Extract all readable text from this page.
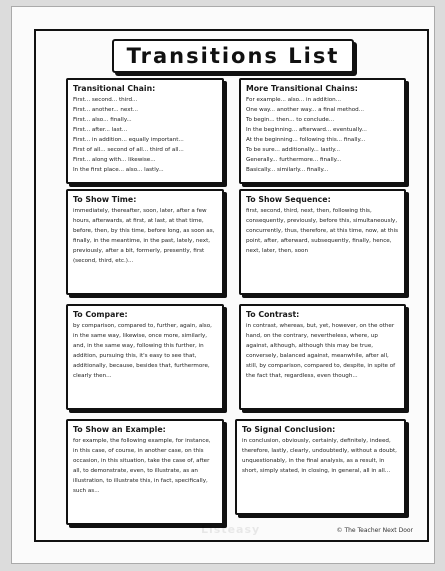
Transitions List
Transitional Chain:
First... second... third...
First... another... next...
First... also... finally...
First... after... last...
First... in addition... equally important...
First of all... second of all... third of all...
First... along with... likewise...
In the first place... also... lastly...
More Transitional Chains:
For example... also... in addition...
One way... another way... a final method...
To begin... then... to conclude...
In the beginning... afterward... eventually...
At the beginning... following this... finally...
To be sure... additionally... lastly...
Generally... furthermore... finally...
Basically... similarly... finally...
To Show Time:

immediately, thereafter, soon, later, after a few hours, afterwards, at first, at last, at that time, before, then, by this time, before long, as soon as, finally, in the meantime, in the past, lately, next, previously, after a bit, formerly, presently, first (second, third, etc.)...

To Show Sequence:

first, second, third, next, then, following this, consequently, previously, before this, simultaneously, concurrently, thus, therefore, at this time, now, at this point, after, afterward, subsequently, finally, hence, next, later, then, soon

To Compare:

by comparison, compared to, further, again, also, in the same way, likewise, once more, similarly, and, in the same way, following this further, in addition, pursuing this, it's easy to see that, additionally, because, besides that, furthermore, clearly then...

To Contrast:

in contrast, whereas, but, yet, however, on the other hand, on the contrary, nevertheless, where, up against, although, although this may be true, conversely, balanced against, meanwhile, after all, still, by comparison, compared to, despite, in spite of the fact that, regardless, even though...

To Show an Example:

for example, the following example, for instance, in this case, of course, in another case, on this occasion, in this situation, take the case of, after all, to demonstrate, even, to illustrate, as an illustration, to illustrate this, in fact, specifically, such as...

To Signal Conclusion:

in conclusion, obviously, certainly, definitely, indeed, therefore, lastly, clearly, undoubtedly, without a doubt, unquestionably, in the final analysis, as a result, in short, simply stated, in closing, in general, all in all...

Listeasy	© The Teacher Next Door
